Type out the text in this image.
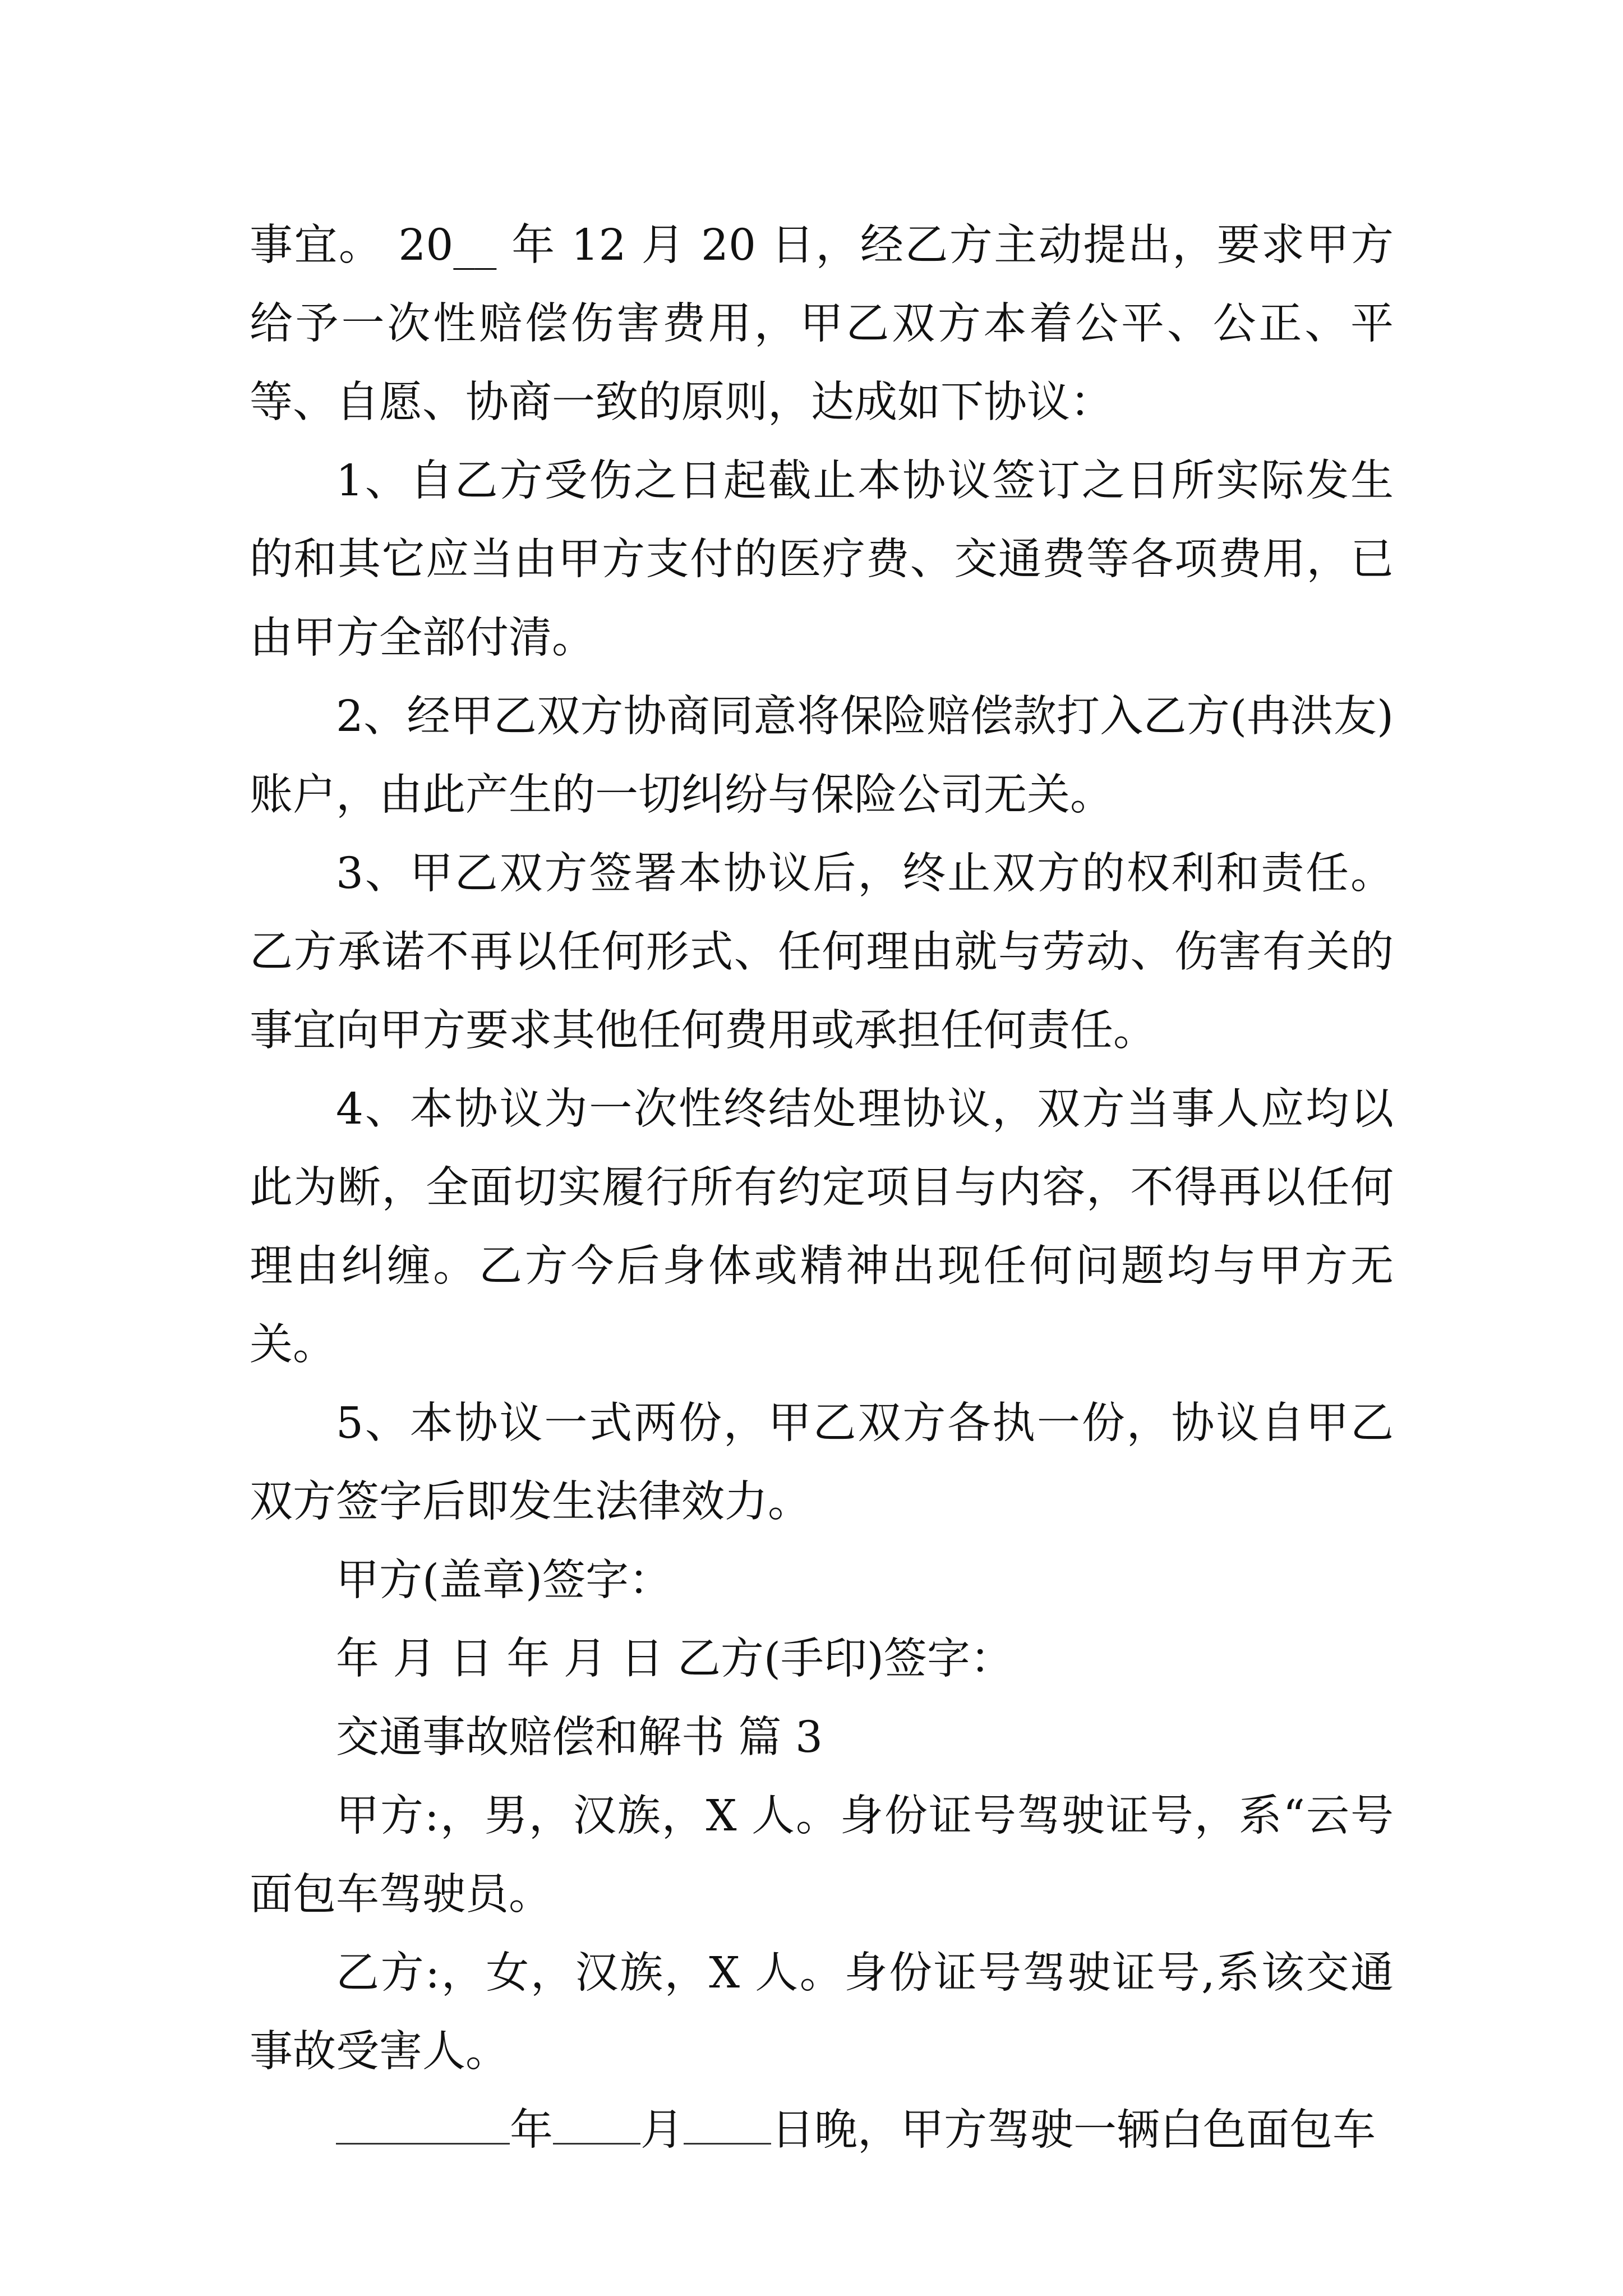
事宜。 20__ 年 12 月 20 日，经乙方主动提出，要求甲方给予一次性赔偿伤害费用，甲乙双方本着公平、公正、平等、自愿、协商一致的原则，达成如下协议：

1、自乙方受伤之日起截止本协议签订之日所实际发生的和其它应当由甲方支付的医疗费、交通费等各项费用，已由甲方全部付清。

2、经甲乙双方协商同意将保险赔偿款打入乙方(冉洪友)账户，由此产生的一切纠纷与保险公司无关。

3、甲乙双方签署本协议后，终止双方的权利和责任。乙方承诺不再以任何形式、任何理由就与劳动、伤害有关的事宜向甲方要求其他任何费用或承担任何责任。

4、本协议为一次性终结处理协议，双方当事人应均以此为断，全面切实履行所有约定项目与内容，不得再以任何理由纠缠。乙方今后身体或精神出现任何问题均与甲方无关。

5、本协议一式两份，甲乙双方各执一份，协议自甲乙双方签字后即发生法律效力。

甲方(盖章)签字：

年 月 日 年 月 日 乙方(手印)签字：

交通事故赔偿和解书 篇 3

甲方:，男，汉族，X 人。身份证号驾驶证号，系“云号面包车驾驶员。

乙方:，女，汉族，X 人。身份证号驾驶证号,系该交通事故受害人。

年 月 日晚，甲方驾驶一辆白色面包车
